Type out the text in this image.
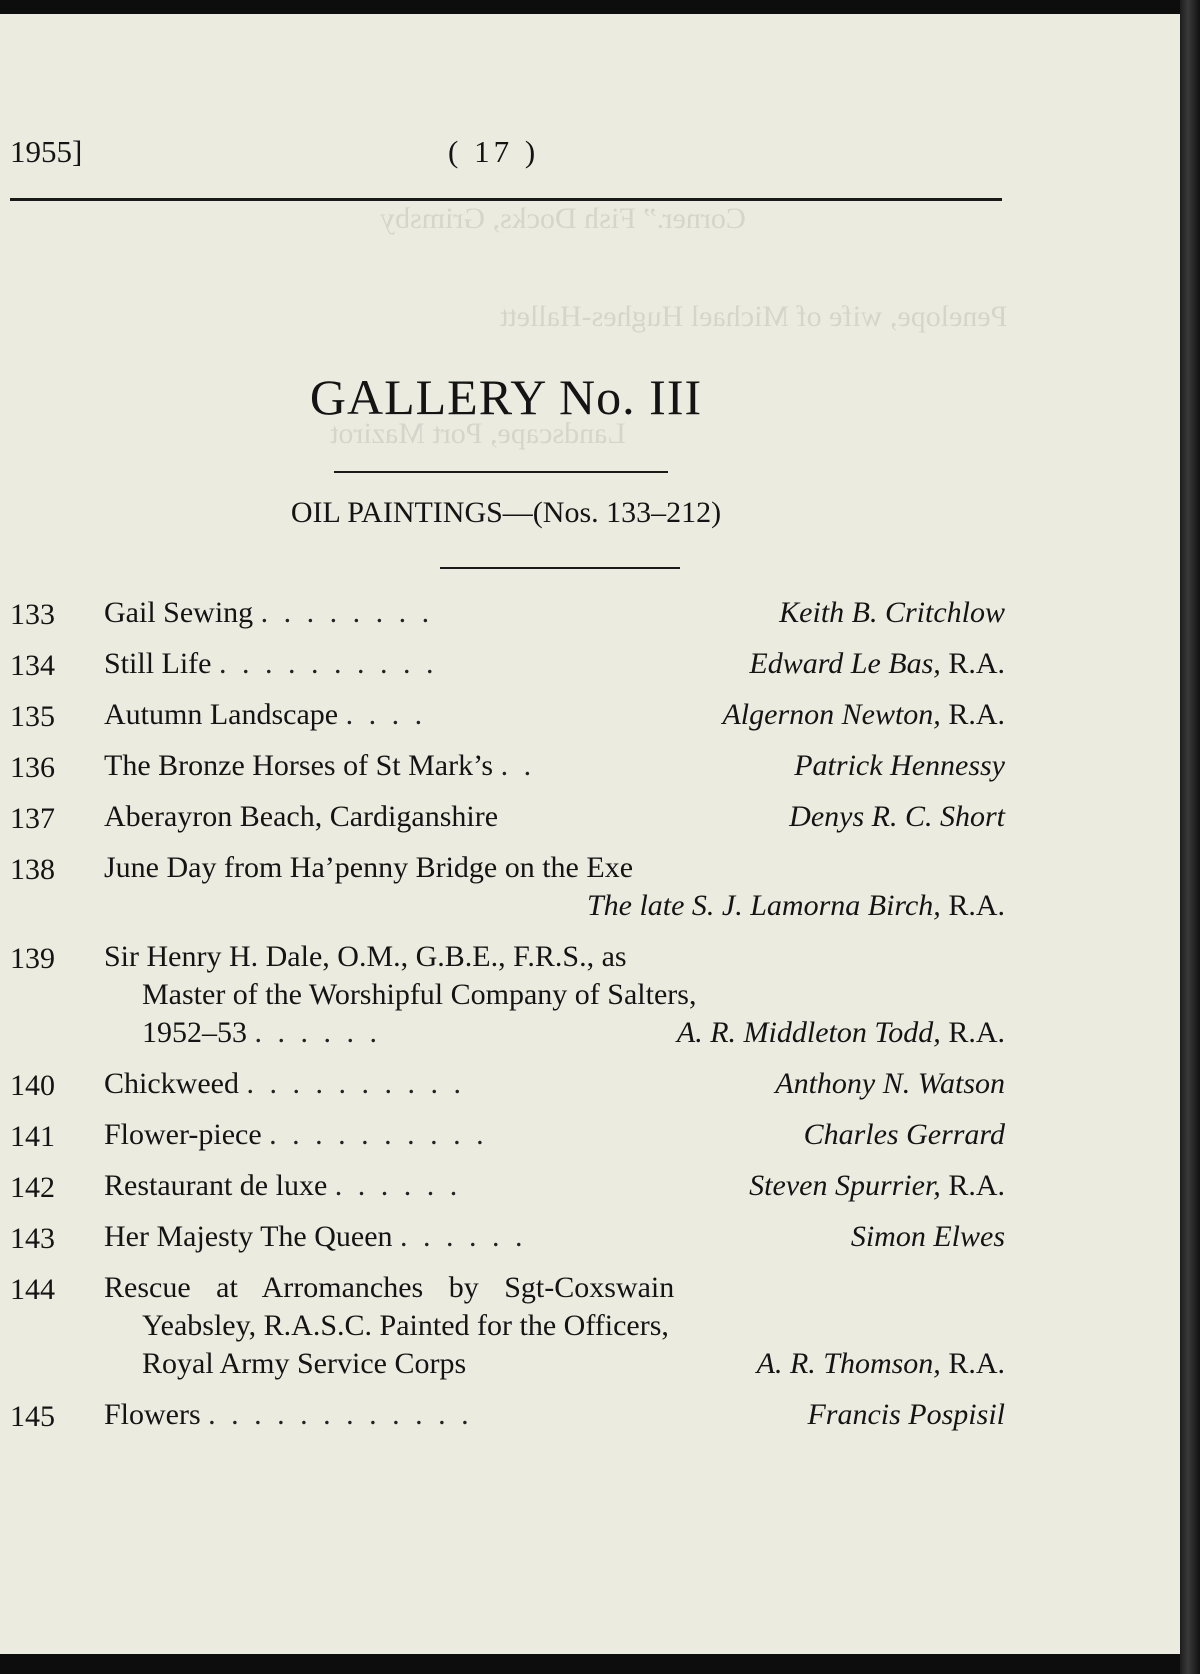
Corner.” Fish Docks, Grimsby
Penelope, wife of Michael Hughes-Hallett
Landscape, Port Mazirot
1955]	( 17 )
GALLERY No. III
OIL PAINTINGS—(Nos. 133–212)
133 Gail Sewing . . . . . . . .	Keith B. Critchlow
134 Still Life . . . . . . . . . .	Edward Le Bas, R.A.
135 Autumn Landscape . . . .	Algernon Newton, R.A.
136 The Bronze Horses of St Mark’s . .	Patrick Hennessy
137 Aberayron Beach, Cardiganshire	Denys R. C. Short
138 June Day from Ha’penny Bridge on the Exe
The late S. J. Lamorna Birch, R.A.
139 Sir Henry H. Dale, O.M., G.B.E., F.R.S., as
Master of the Worshipful Company of Salters,
1952–53 . . . . . .	A. R. Middleton Todd, R.A.
140 Chickweed . . . . . . . . . .	Anthony N. Watson
141 Flower-piece . . . . . . . . . .	Charles Gerrard
142 Restaurant de luxe . . . . . .	Steven Spurrier, R.A.
143 Her Majesty The Queen . . . . . .	Simon Elwes
144 Rescue at Arromanches by Sgt-Coxswain
Yeabsley, R.A.S.C. Painted for the Officers,
Royal Army Service Corps	A. R. Thomson, R.A.
145 Flowers . . . . . . . . . . . .	Francis Pospisil
